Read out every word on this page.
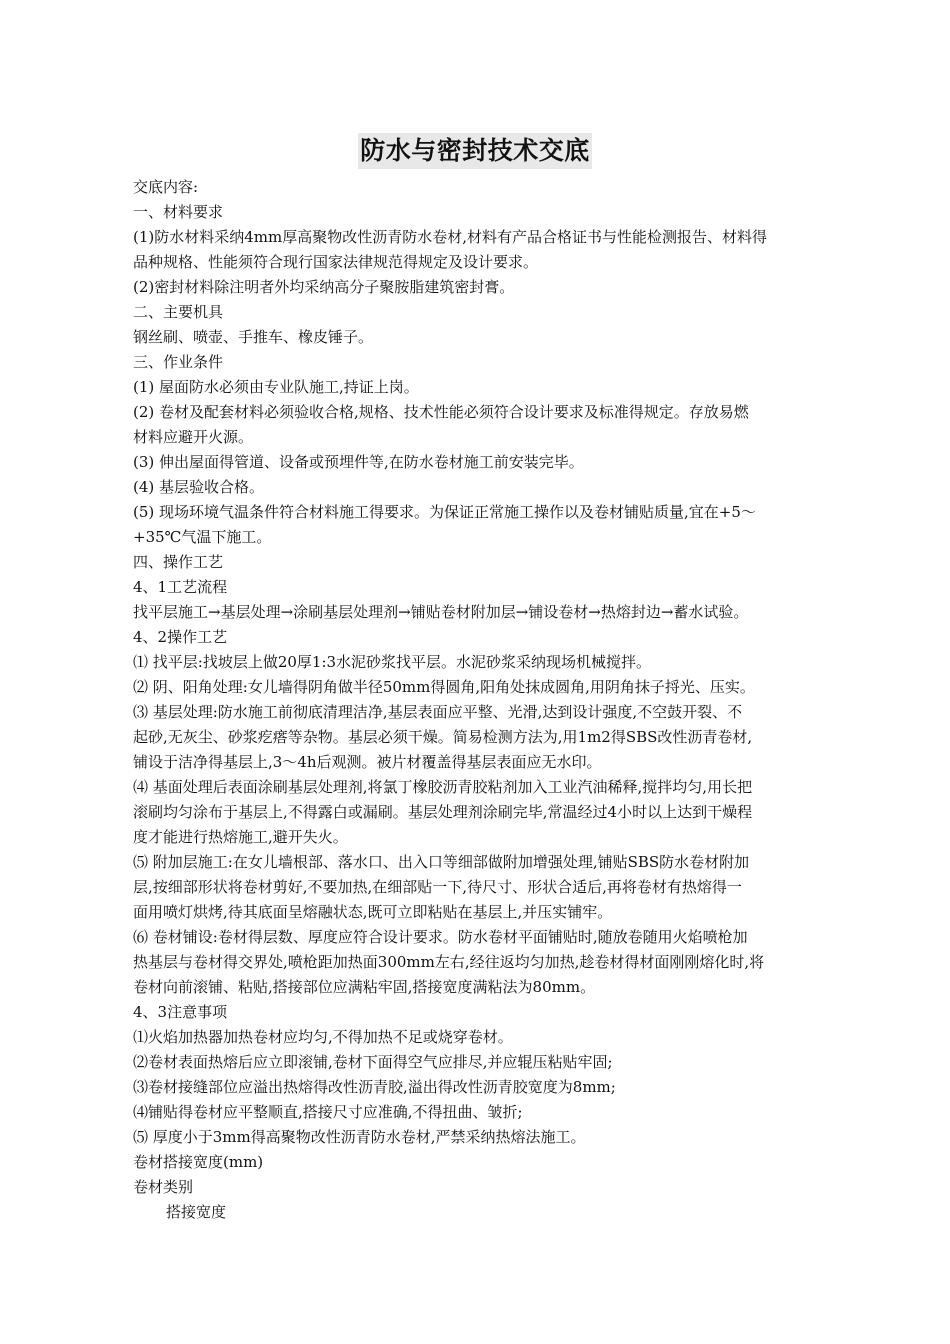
防水与密封技术交底
交底内容:
一、材料要求
(1)防水材料采纳4mm厚高聚物改性沥青防水卷材,材料有产品合格证书与性能检测报告、材料得
品种规格、性能须符合现行国家法律规范得规定及设计要求。
(2)密封材料除注明者外均采纳高分子聚胺脂建筑密封膏。
二、主要机具
钢丝刷、喷壶、手推车、橡皮锤子。
三、作业条件
(1) 屋面防水必须由专业队施工,持证上岗。
(2) 卷材及配套材料必须验收合格,规格、技术性能必须符合设计要求及标准得规定。存放易燃
材料应避开火源。
(3) 伸出屋面得管道、设备或预埋件等,在防水卷材施工前安装完毕。
(4) 基层验收合格。
(5) 现场环境气温条件符合材料施工得要求。为保证正常施工操作以及卷材铺贴质量,宜在+5～
+35℃气温下施工。
四、操作工艺
4、1工艺流程
找平层施工→基层处理→涂刷基层处理剂→铺贴卷材附加层→铺设卷材→热熔封边→蓄水试验。
4、2操作工艺
⑴ 找平层:找坡层上做20厚1:3水泥砂浆找平层。水泥砂浆采纳现场机械搅拌。
⑵ 阴、阳角处理:女儿墙得阴角做半径50mm得圆角,阳角处抹成圆角,用阴角抹子捋光、压实。
⑶ 基层处理:防水施工前彻底清理洁净,基层表面应平整、光滑,达到设计强度,不空鼓开裂、不
起砂,无灰尘、砂浆疙瘩等杂物。基层必须干燥。简易检测方法为,用1m2得SBS改性沥青卷材,
铺设于洁净得基层上,3～4h后观测。被片材覆盖得基层表面应无水印。
⑷ 基面处理后表面涂刷基层处理剂,将氯丁橡胶沥青胶粘剂加入工业汽油稀释,搅拌均匀,用长把
滚刷均匀涂布于基层上,不得露白或漏刷。基层处理剂涂刷完毕,常温经过4小时以上达到干燥程
度才能进行热熔施工,避开失火。
⑸ 附加层施工:在女儿墙根部、落水口、出入口等细部做附加增强处理,铺贴SBS防水卷材附加
层,按细部形状将卷材剪好,不要加热,在细部贴一下,待尺寸、形状合适后,再将卷材有热熔得一
面用喷灯烘烤,待其底面呈熔融状态,既可立即粘贴在基层上,并压实铺牢。
⑹ 卷材铺设:卷材得层数、厚度应符合设计要求。防水卷材平面铺贴时,随放卷随用火焰喷枪加
热基层与卷材得交界处,喷枪距加热面300mm左右,经往返均匀加热,趁卷材得材面刚刚熔化时,将
卷材向前滚铺、粘贴,搭接部位应满粘牢固,搭接宽度满粘法为80mm。
4、3注意事项
⑴火焰加热器加热卷材应均匀,不得加热不足或烧穿卷材。
⑵卷材表面热熔后应立即滚铺,卷材下面得空气应排尽,并应辊压粘贴牢固;
⑶卷材接缝部位应溢出热熔得改性沥青胶,溢出得改性沥青胶宽度为8mm;
⑷铺贴得卷材应平整顺直,搭接尺寸应准确,不得扭曲、皱折;
⑸ 厚度小于3mm得高聚物改性沥青防水卷材,严禁采纳热熔法施工。
卷材搭接宽度(mm)
卷材类别
搭接宽度
